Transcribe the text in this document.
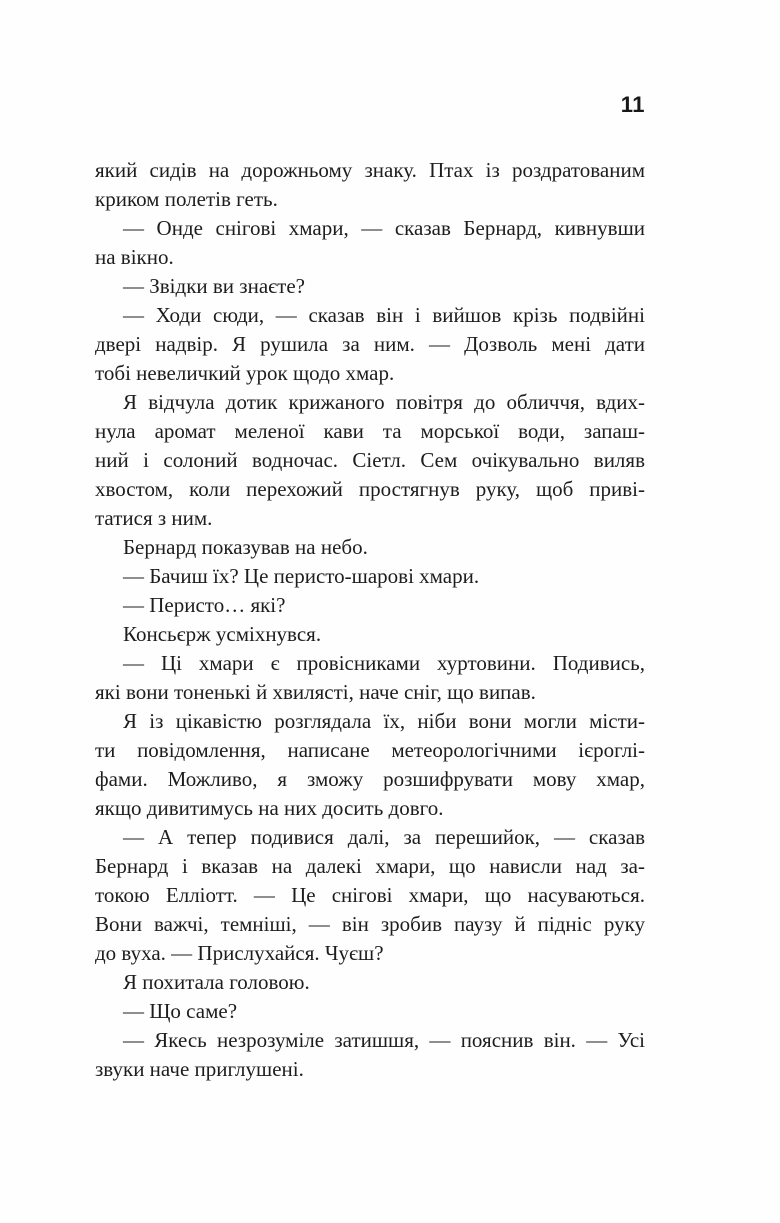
11
який сидів на дорожньому знаку. Птах із роздратованим
криком полетів геть.
— Онде снігові хмари, — сказав Бернард, кивнувши
на вікно.
— Звідки ви знаєте?
— Ходи сюди, — сказав він і вийшов крізь подвійні
двері надвір. Я рушила за ним. — Дозволь мені дати
тобі невеличкий урок щодо хмар.
Я відчула дотик крижаного повітря до обличчя, вдих-
нула аромат меленої кави та морської води, запаш-
ний і солоний водночас. Сіетл. Сем очікувально виляв
хвостом, коли перехожий простягнув руку, щоб приві-
татися з ним.
Бернард показував на небо.
— Бачиш їх? Це перисто-шарові хмари.
— Перисто… які?
Консьєрж усміхнувся.
— Ці хмари є провісниками хуртовини. Подивись,
які вони тоненькі й хвилясті, наче сніг, що випав.
Я із цікавістю розглядала їх, ніби вони могли місти-
ти повідомлення, написане метеорологічними ієроглі-
фами. Можливо, я зможу розшифрувати мову хмар,
якщо дивитимусь на них досить довго.
— А тепер подивися далі, за перешийок, — сказав
Бернард і вказав на далекі хмари, що нависли над за-
токою Елліотт. — Це снігові хмари, що насуваються.
Вони важчі, темніші, — він зробив паузу й підніс руку
до вуха. — Прислухайся. Чуєш?
Я похитала головою.
— Що саме?
— Якесь незрозуміле затишшя, — пояснив він. — Усі
звуки наче приглушені.
